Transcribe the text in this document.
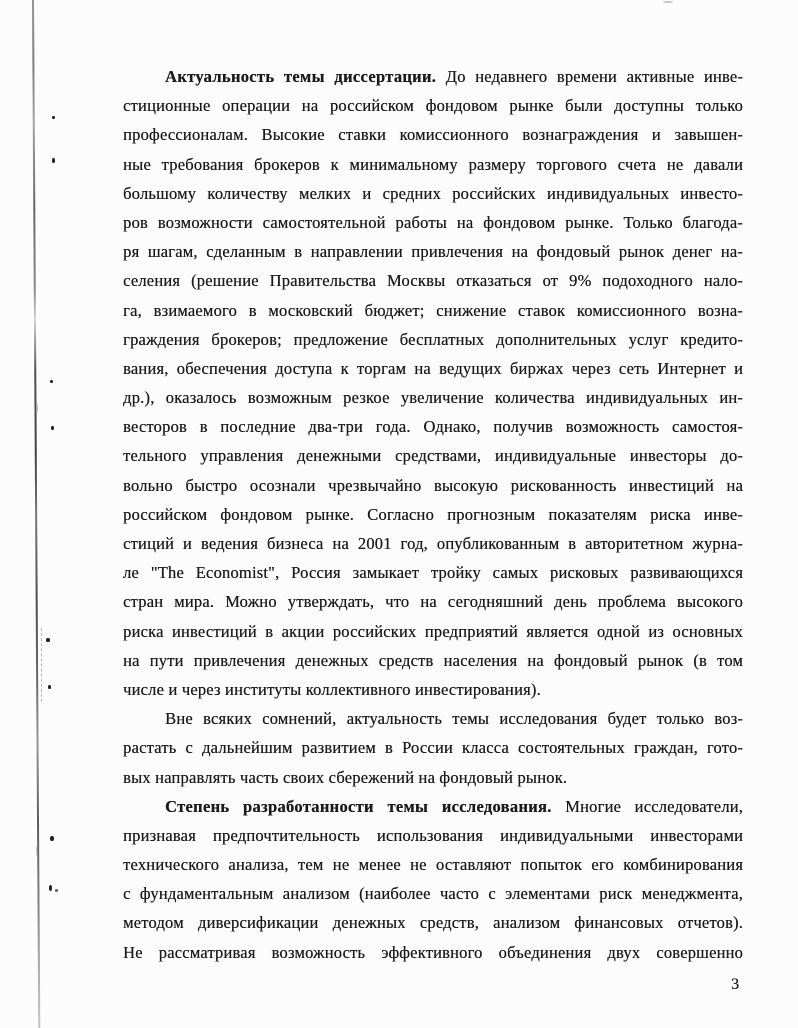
Актуальность темы диссертации. До недавнего времени активные инве-
стиционные операции на российском фондовом рынке были доступны только
профессионалам. Высокие ставки комиссионного вознаграждения и завышен-
ные требования брокеров к минимальному размеру торгового счета не давали
большому количеству мелких и средних российских индивидуальных инвесто-
ров возможности самостоятельной работы на фондовом рынке. Только благода-
ря шагам, сделанным в направлении привлечения на фондовый рынок денег на-
селения (решение Правительства Москвы отказаться от 9% подоходного нало-
га, взимаемого в московский бюджет; снижение ставок комиссионного возна-
граждения брокеров; предложение бесплатных дополнительных услуг кредито-
вания, обеспечения доступа к торгам на ведущих биржах через сеть Интернет и
др.), оказалось возможным резкое увеличение количества индивидуальных ин-
весторов в последние два-три года. Однако, получив возможность самостоя-
тельного управления денежными средствами, индивидуальные инвесторы до-
вольно быстро осознали чрезвычайно высокую рискованность инвестиций на
российском фондовом рынке. Согласно прогнозным показателям риска инве-
стиций и ведения бизнеса на 2001 год, опубликованным в авторитетном журна-
ле "The Economist", Россия замыкает тройку самых рисковых развивающихся
стран мира. Можно утверждать, что на сегодняшний день проблема высокого
риска инвестиций в акции российских предприятий является одной из основных
на пути привлечения денежных средств населения на фондовый рынок (в том
числе и через институты коллективного инвестирования).
Вне всяких сомнений, актуальность темы исследования будет только воз-
растать с дальнейшим развитием в России класса состоятельных граждан, гото-
вых направлять часть своих сбережений на фондовый рынок.
Степень разработанности темы исследования. Многие исследователи,
признавая предпочтительность использования индивидуальными инвесторами
технического анализа, тем не менее не оставляют попыток его комбинирования
с фундаментальным анализом (наиболее часто с элементами риск менеджмента,
методом диверсификации денежных средств, анализом финансовых отчетов).
Не рассматривая возможность эффективного объединения двух совершенно
3
